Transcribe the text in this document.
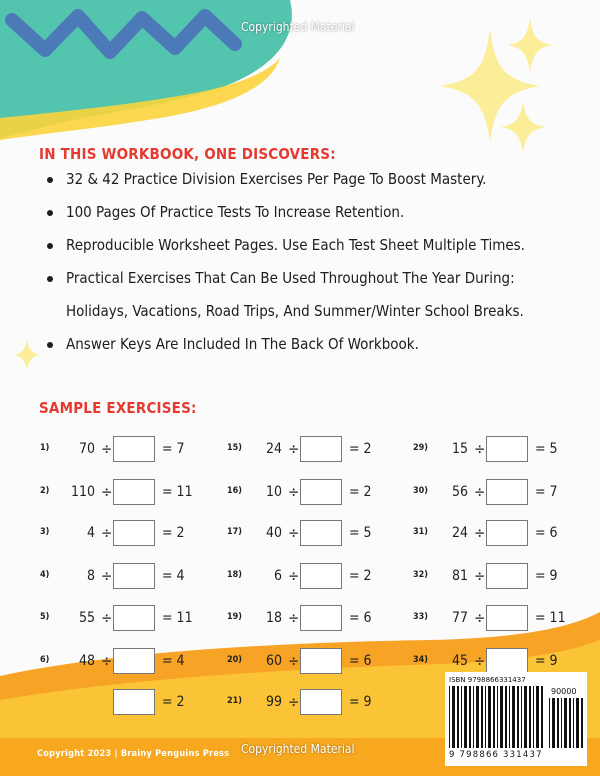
Copyrighted Material
IN THIS WORKBOOK, ONE DISCOVERS:
32 & 42 Practice Division Exercises Per Page To Boost Mastery.
100 Pages Of Practice Tests To Increase Retention.
Reproducible Worksheet Pages. Use Each Test Sheet Multiple Times.
Practical Exercises That Can Be Used Throughout The Year During:
Holidays, Vacations, Road Trips, And Summer/Winter School Breaks.
Answer Keys Are Included In The Back Of Workbook.
SAMPLE EXERCISES:
1) 70 ÷	= 7
2) 110 ÷	= 11
3)	4 ÷	= 2
4)	8 ÷	= 4
5) 55 ÷	= 11
6) 48 ÷	= 4
= 2
15) 24 ÷	= 2
16) 10 ÷	= 2
17) 40 ÷	= 5
18) 6 ÷	= 2
19) 18 ÷	= 6
20) 60 ÷	= 6
21) 99 ÷	= 9
29) 15 ÷	= 5
30) 56 ÷	= 7
31) 24 ÷	= 6
32) 81 ÷	= 9
33) 77 ÷	= 11
34) 45 ÷	= 9
ISBN 9798866331437
90000
9 798866 331437
Copyright 2023 | Brainy Penguins Press Copyrighted Material
